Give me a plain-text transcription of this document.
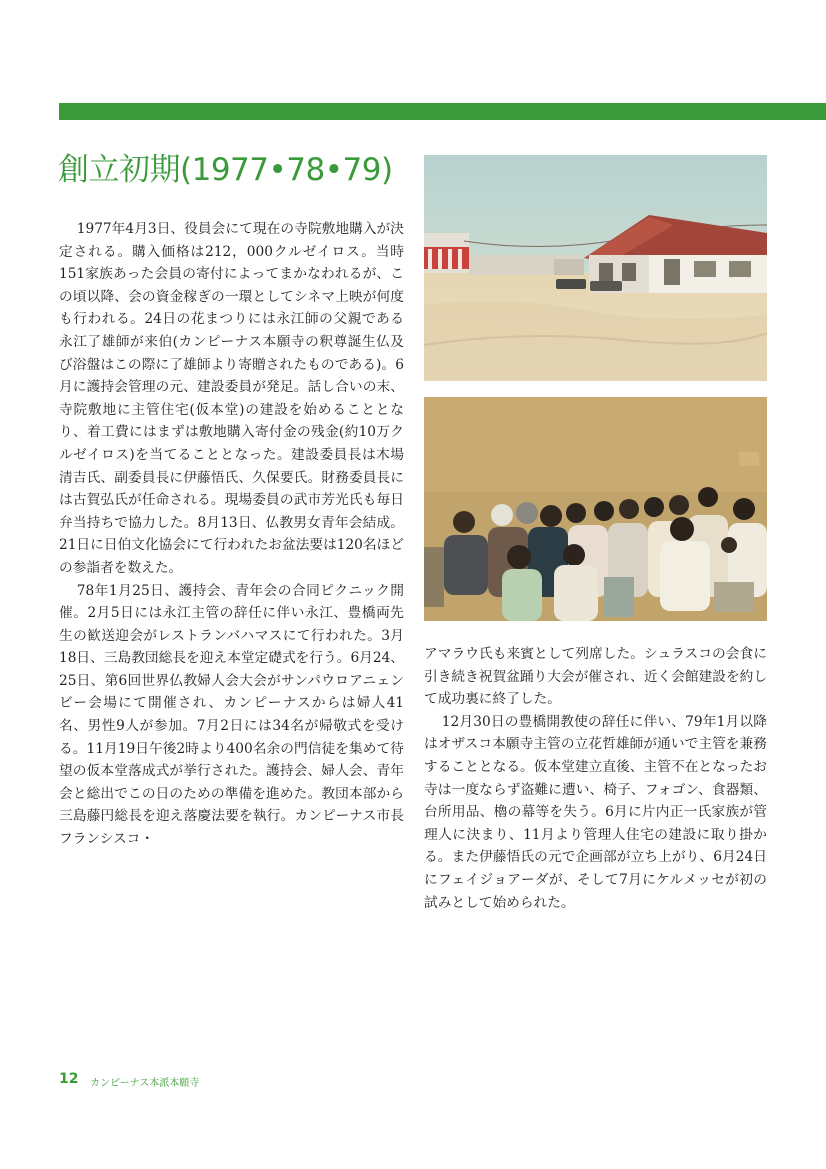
創立初期(1977•78•79)

1977年4月3日、役員会にて現在の寺院敷地購入が決定される。購入価格は212，000クルゼイロス。当時151家族あった会員の寄付によってまかなわれるが、この頃以降、会の資金稼ぎの一環としてシネマ上映が何度も行われる。24日の花まつりには永江師の父親である永江了雄師が来伯(カンピーナス本願寺の釈尊誕生仏及び浴盤はこの際に了雄師より寄贈されたものである)。6月に護持会管理の元、建設委員が発足。話し合いの末、寺院敷地に主管住宅(仮本堂)の建設を始めることとなり、着工費にはまずは敷地購入寄付金の残金(約10万クルゼイロス)を当てることとなった。建設委員長は木場清吉氏、副委員長に伊藤悟氏、久保要氏。財務委員長には古賀弘氏が任命される。現場委員の武市芳光氏も毎日弁当持ちで協力した。8月13日、仏教男女青年会結成。21日に日伯文化協会にて行われたお盆法要は120名ほどの参詣者を数えた。

78年1月25日、護持会、青年会の合同ピクニック開催。2月5日には永江主管の辞任に伴い永江、豊橋両先生の歓送迎会がレストランバハマスにて行われた。3月18日、三島教団総長を迎え本堂定礎式を行う。6月24、25日、第6回世界仏教婦人会大会がサンパウロアニェンビー会場にて開催され、カンピーナスからは婦人41名、男性9人が参加。7月2日には34名が帰敬式を受ける。11月19日午後2時より400名余の門信徒を集めて待望の仮本堂落成式が挙行された。護持会、婦人会、青年会と総出でこの日のための準備を進めた。教団本部から三島藤円総長を迎え落慶法要を執行。カンピーナス市長フランシスコ・

アマラウ氏も来賓として列席した。シュラスコの会食に引き続き祝賀盆踊り大会が催され、近く会館建設を約して成功裏に終了した。

12月30日の豊橋開教使の辞任に伴い、79年1月以降はオザスコ本願寺主管の立花哲雄師が通いで主管を兼務することとなる。仮本堂建立直後、主管不在となったお寺は一度ならず盗難に遭い、椅子、フォゴン、食器類、台所用品、櫓の幕等を失う。6月に片内正一氏家族が管理人に決まり、11月より管理人住宅の建設に取り掛かる。また伊藤悟氏の元で企画部が立ち上がり、6月24日にフェイジョアーダが、そして7月にケルメッセが初の試みとして始められた。

12 カンピーナス本派本願寺
